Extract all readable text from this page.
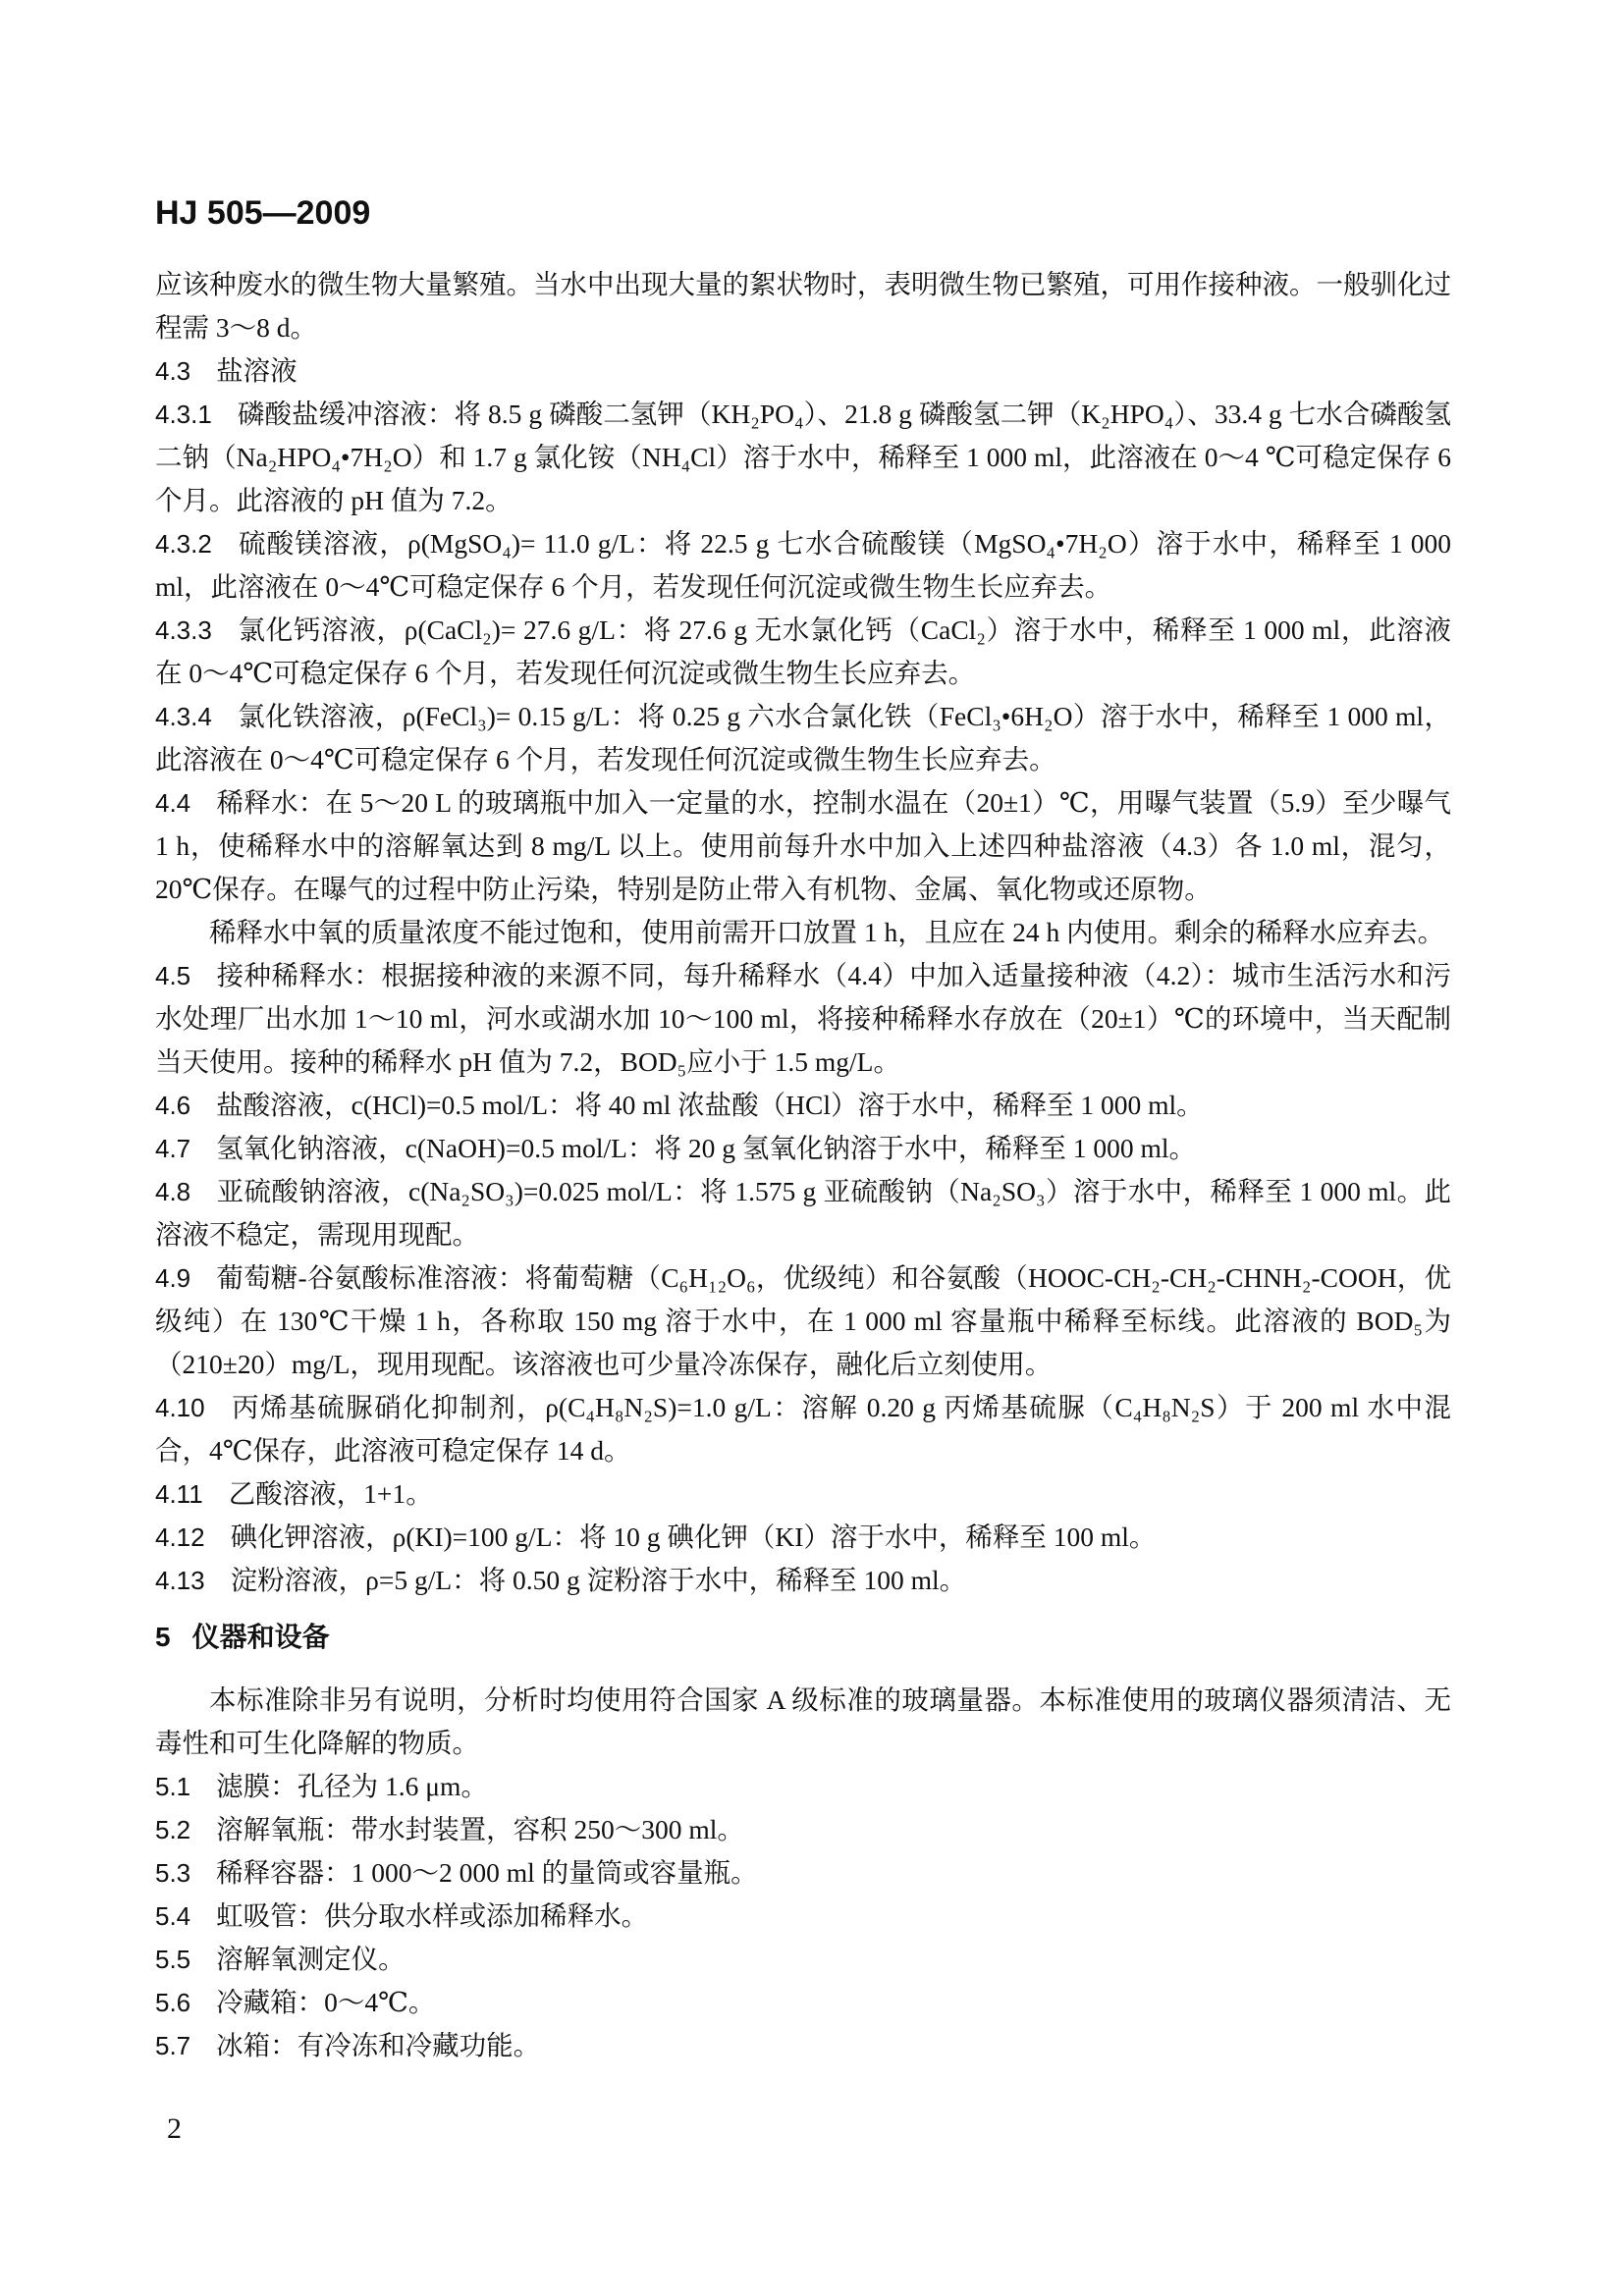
HJ 505—2009

应该种废水的微生物大量繁殖。当水中出现大量的絮状物时，表明微生物已繁殖，可用作接种液。一般驯化过程需 3～8 d。

4.3 盐溶液

4.3.1 磷酸盐缓冲溶液：将 8.5 g 磷酸二氢钾（KH₂PO₄）、21.8 g 磷酸氢二钾（K₂HPO₄）、33.4 g 七水合磷酸氢二钠（Na₂HPO₄•7H₂O）和 1.7 g 氯化铵（NH₄Cl）溶于水中，稀释至 1 000 ml，此溶液在 0～4 ℃可稳定保存 6 个月。此溶液的 pH 值为 7.2。

4.3.2 硫酸镁溶液，ρ(MgSO₄)= 11.0 g/L：将 22.5 g 七水合硫酸镁（MgSO₄•7H₂O）溶于水中，稀释至 1 000 ml，此溶液在 0～4℃可稳定保存 6 个月，若发现任何沉淀或微生物生长应弃去。

4.3.3 氯化钙溶液，ρ(CaCl₂)= 27.6 g/L：将 27.6 g 无水氯化钙（CaCl₂）溶于水中，稀释至 1 000 ml，此溶液在 0～4℃可稳定保存 6 个月，若发现任何沉淀或微生物生长应弃去。

4.3.4 氯化铁溶液，ρ(FeCl₃)= 0.15 g/L：将 0.25 g 六水合氯化铁（FeCl₃•6H₂O）溶于水中，稀释至 1 000 ml，此溶液在 0～4℃可稳定保存 6 个月，若发现任何沉淀或微生物生长应弃去。

4.4 稀释水：在 5～20 L 的玻璃瓶中加入一定量的水，控制水温在（20±1）℃，用曝气装置（5.9）至少曝气 1 h，使稀释水中的溶解氧达到 8 mg/L 以上。使用前每升水中加入上述四种盐溶液（4.3）各 1.0 ml，混匀，20℃保存。在曝气的过程中防止污染，特别是防止带入有机物、金属、氧化物或还原物。

稀释水中氧的质量浓度不能过饱和，使用前需开口放置 1 h，且应在 24 h 内使用。剩余的稀释水应弃去。

4.5 接种稀释水：根据接种液的来源不同，每升稀释水（4.4）中加入适量接种液（4.2）：城市生活污水和污水处理厂出水加 1～10 ml，河水或湖水加 10～100 ml，将接种稀释水存放在（20±1）℃的环境中，当天配制当天使用。接种的稀释水 pH 值为 7.2，BOD₅应小于 1.5 mg/L。

4.6 盐酸溶液，c(HCl)=0.5 mol/L：将 40 ml 浓盐酸（HCl）溶于水中，稀释至 1 000 ml。

4.7 氢氧化钠溶液，c(NaOH)=0.5 mol/L：将 20 g 氢氧化钠溶于水中，稀释至 1 000 ml。

4.8 亚硫酸钠溶液，c(Na₂SO₃)=0.025 mol/L：将 1.575 g 亚硫酸钠（Na₂SO₃）溶于水中，稀释至 1 000 ml。此溶液不稳定，需现用现配。

4.9 葡萄糖-谷氨酸标准溶液：将葡萄糖（C₆H₁₂O₆，优级纯）和谷氨酸（HOOC-CH₂-CH₂-CHNH₂-COOH，优级纯）在 130℃干燥 1 h，各称取 150 mg 溶于水中，在 1 000 ml 容量瓶中稀释至标线。此溶液的 BOD₅为（210±20）mg/L，现用现配。该溶液也可少量冷冻保存，融化后立刻使用。

4.10 丙烯基硫脲硝化抑制剂，ρ(C₄H₈N₂S)=1.0 g/L：溶解 0.20 g 丙烯基硫脲（C₄H₈N₂S）于 200 ml 水中混合，4℃保存，此溶液可稳定保存 14 d。

4.11 乙酸溶液，1+1。

4.12 碘化钾溶液，ρ(KI)=100 g/L：将 10 g 碘化钾（KI）溶于水中，稀释至 100 ml。

4.13 淀粉溶液，ρ=5 g/L：将 0.50 g 淀粉溶于水中，稀释至 100 ml。

5 仪器和设备

本标准除非另有说明，分析时均使用符合国家 A 级标准的玻璃量器。本标准使用的玻璃仪器须清洁、无毒性和可生化降解的物质。

5.1 滤膜：孔径为 1.6 μm。

5.2 溶解氧瓶：带水封装置，容积 250～300 ml。

5.3 稀释容器：1 000～2 000 ml 的量筒或容量瓶。

5.4 虹吸管：供分取水样或添加稀释水。

5.5 溶解氧测定仪。

5.6 冷藏箱：0～4℃。

5.7 冰箱：有冷冻和冷藏功能。

2
